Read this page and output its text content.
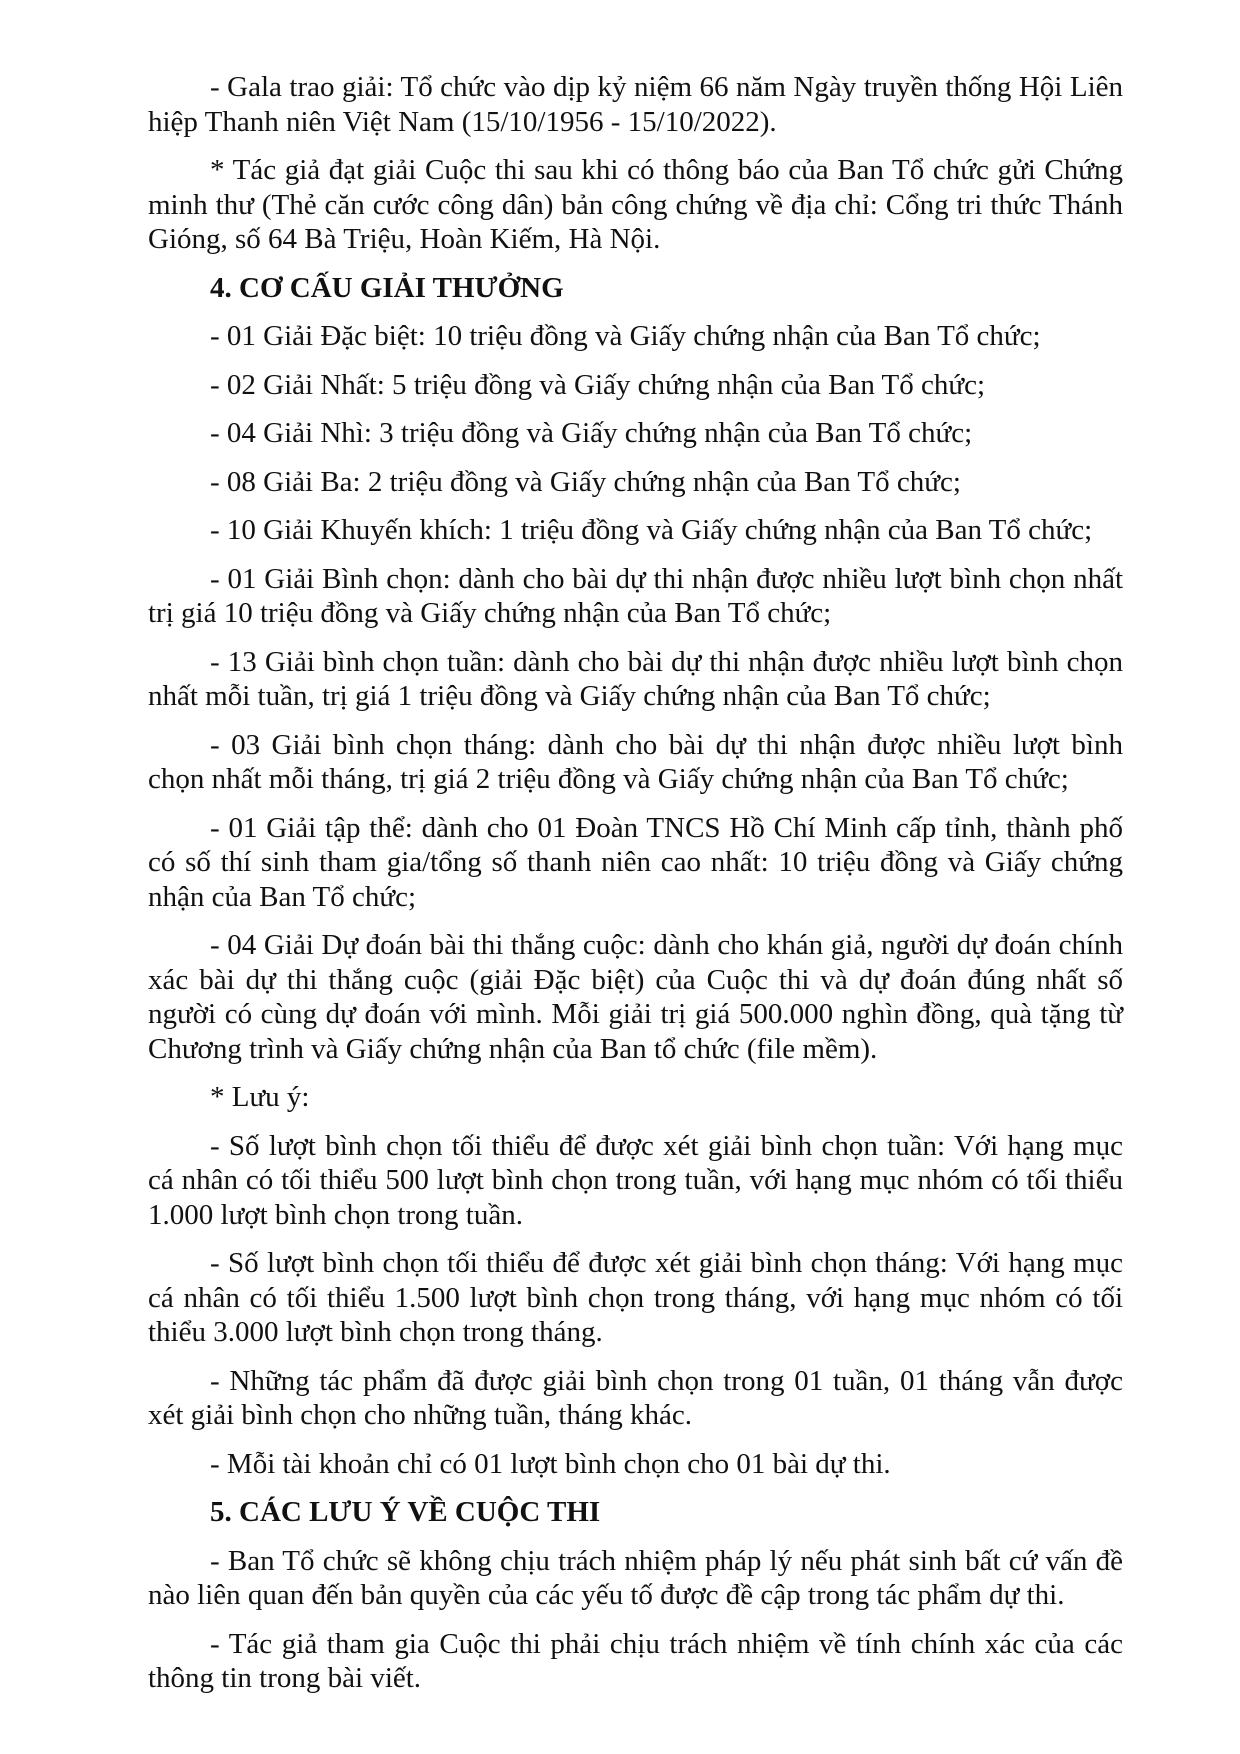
- Gala trao giải: Tổ chức vào dịp kỷ niệm 66 năm Ngày truyền thống Hội Liên hiệp Thanh niên Việt Nam (15/10/1956 - 15/10/2022).

* Tác giả đạt giải Cuộc thi sau khi có thông báo của Ban Tổ chức gửi Chứng minh thư (Thẻ căn cước công dân) bản công chứng về địa chỉ: Cổng tri thức Thánh Gióng, số 64 Bà Triệu, Hoàn Kiếm, Hà Nội.

4. CƠ CẤU GIẢI THƯỞNG

- 01 Giải Đặc biệt: 10 triệu đồng và Giấy chứng nhận của Ban Tổ chức;

- 02 Giải Nhất: 5 triệu đồng và Giấy chứng nhận của Ban Tổ chức;

- 04 Giải Nhì: 3 triệu đồng và Giấy chứng nhận của Ban Tổ chức;

- 08 Giải Ba: 2 triệu đồng và Giấy chứng nhận của Ban Tổ chức;

- 10 Giải Khuyến khích: 1 triệu đồng và Giấy chứng nhận của Ban Tổ chức;

- 01 Giải Bình chọn: dành cho bài dự thi nhận được nhiều lượt bình chọn nhất trị giá 10 triệu đồng và Giấy chứng nhận của Ban Tổ chức;

- 13 Giải bình chọn tuần: dành cho bài dự thi nhận được nhiều lượt bình chọn nhất mỗi tuần, trị giá 1 triệu đồng và Giấy chứng nhận của Ban Tổ chức;

- 03 Giải bình chọn tháng: dành cho bài dự thi nhận được nhiều lượt bình chọn nhất mỗi tháng, trị giá 2 triệu đồng và Giấy chứng nhận của Ban Tổ chức;

- 01 Giải tập thể: dành cho 01 Đoàn TNCS Hồ Chí Minh cấp tỉnh, thành phố có số thí sinh tham gia/tổng số thanh niên cao nhất: 10 triệu đồng và Giấy chứng nhận của Ban Tổ chức;

- 04 Giải Dự đoán bài thi thắng cuộc: dành cho khán giả, người dự đoán chính xác bài dự thi thắng cuộc (giải Đặc biệt) của Cuộc thi và dự đoán đúng nhất số người có cùng dự đoán với mình. Mỗi giải trị giá 500.000 nghìn đồng, quà tặng từ Chương trình và Giấy chứng nhận của Ban tổ chức (file mềm).

* Lưu ý:

- Số lượt bình chọn tối thiểu để được xét giải bình chọn tuần: Với hạng mục cá nhân có tối thiểu 500 lượt bình chọn trong tuần, với hạng mục nhóm có tối thiểu 1.000 lượt bình chọn trong tuần.

- Số lượt bình chọn tối thiểu để được xét giải bình chọn tháng: Với hạng mục cá nhân có tối thiểu 1.500 lượt bình chọn trong tháng, với hạng mục nhóm có tối thiểu 3.000 lượt bình chọn trong tháng.

- Những tác phẩm đã được giải bình chọn trong 01 tuần, 01 tháng vẫn được xét giải bình chọn cho những tuần, tháng khác.

- Mỗi tài khoản chỉ có 01 lượt bình chọn cho 01 bài dự thi.

5. CÁC LƯU Ý VỀ CUỘC THI

- Ban Tổ chức sẽ không chịu trách nhiệm pháp lý nếu phát sinh bất cứ vấn đề nào liên quan đến bản quyền của các yếu tố được đề cập trong tác phẩm dự thi.

- Tác giả tham gia Cuộc thi phải chịu trách nhiệm về tính chính xác của các thông tin trong bài viết.
